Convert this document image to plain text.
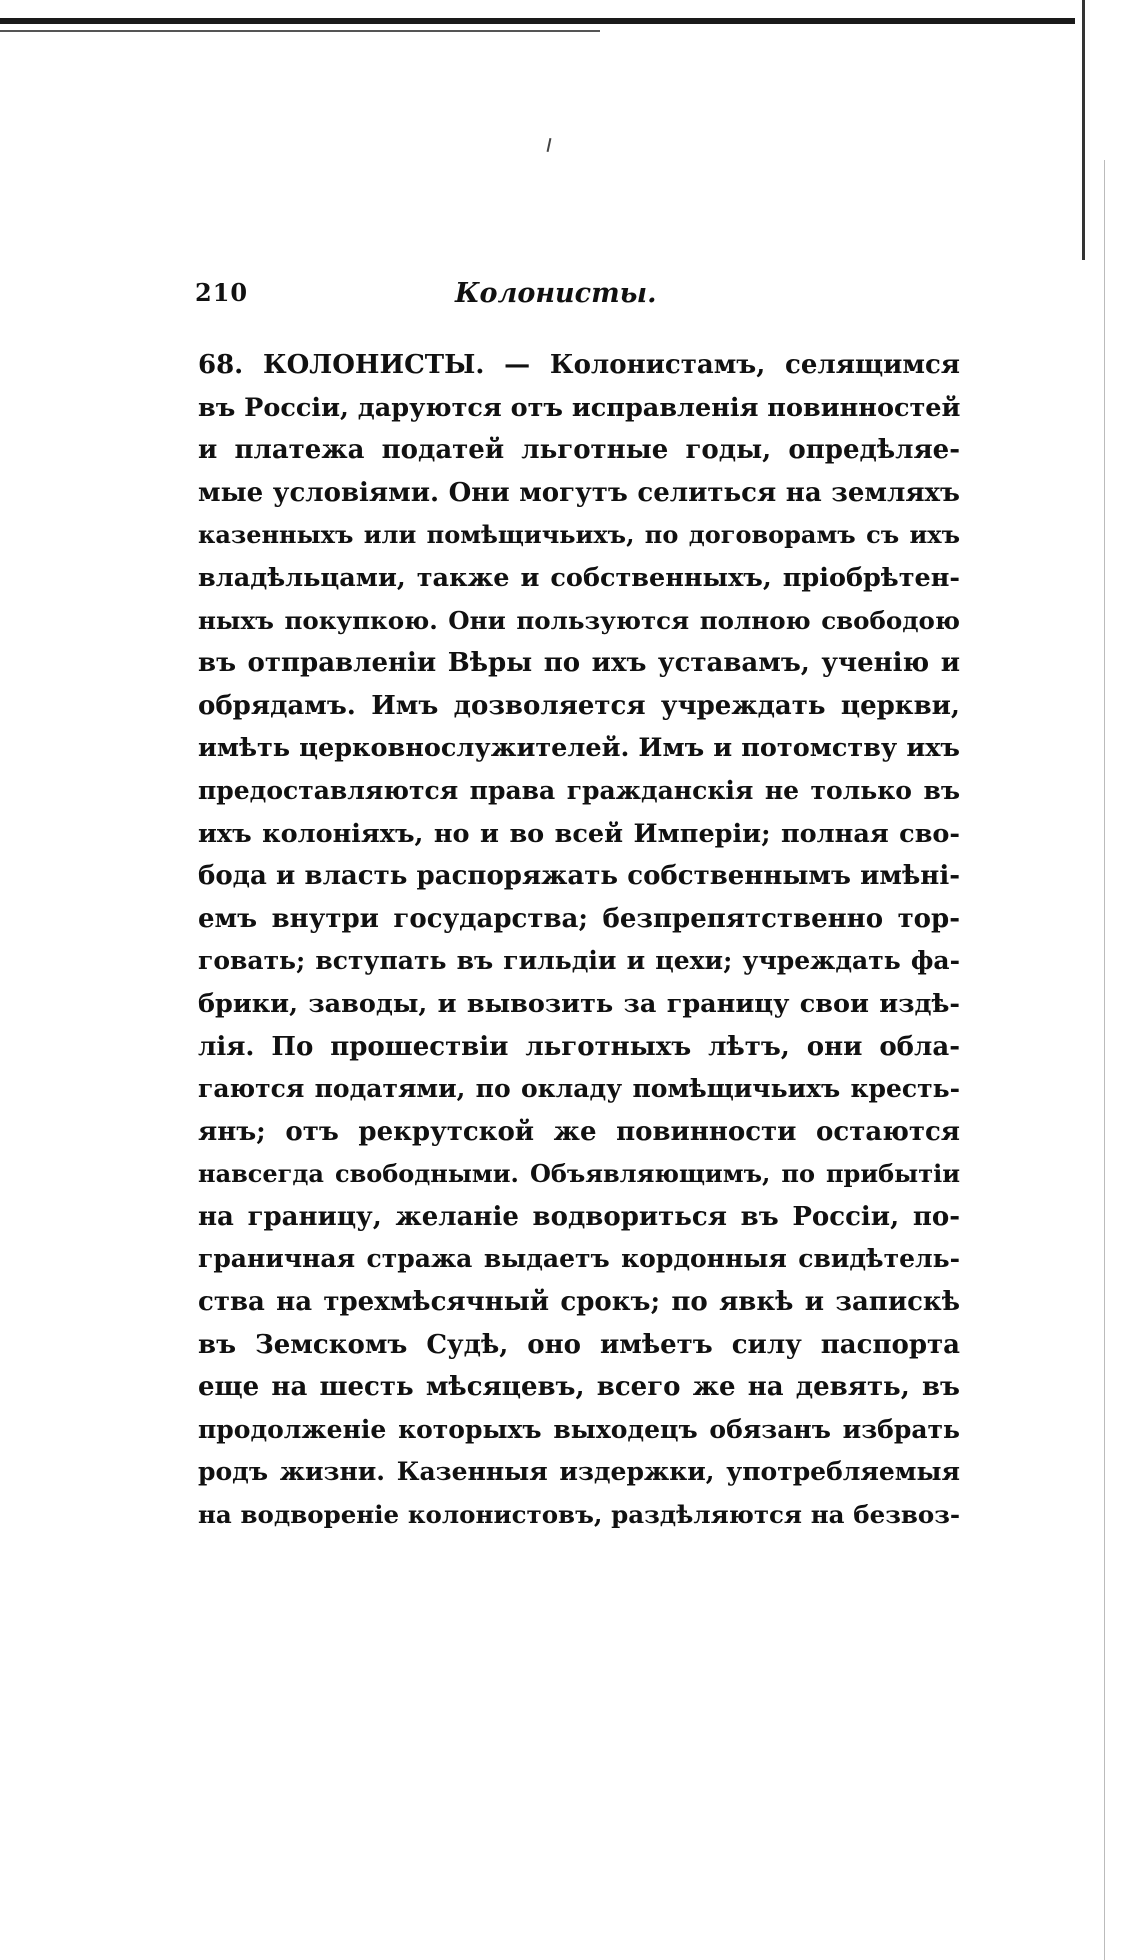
210	Колонисты.
68. КОЛОНИСТЫ. — Колонистамъ, селящимся
въ Россіи, даруются отъ исправленія повинностей
и платежа податей льготные годы, опредѣляе-
мые условіями. Они могутъ селиться на земляхъ
казенныхъ или помѣщичьихъ, по договорамъ съ ихъ
владѣльцами, также и собственныхъ, пріобрѣтен-
ныхъ покупкою. Они пользуются полною свободою
въ отправленіи Вѣры по ихъ уставамъ, ученію и
обрядамъ. Имъ дозволяется учреждать церкви,
имѣть церковнослужителей. Имъ и потомству ихъ
предоставляются права гражданскія не только въ
ихъ колоніяхъ, но и во всей Имперіи; полная сво-
бода и власть распоряжать собственнымъ имѣні-
емъ внутри государства; безпрепятственно тор-
говать; вступать въ гильдіи и цехи; учреждать фа-
брики, заводы, и вывозить за границу свои издѣ-
лія. По прошествіи льготныхъ лѣтъ, они обла-
гаются податями, по окладу помѣщичьихъ кресть-
янъ; отъ рекрутской же повинности остаются
навсегда свободными. Объявляющимъ, по прибытіи
на границу, желаніе водвориться въ Россіи, по-
граничная стража выдаетъ кордонныя свидѣтель-
ства на трехмѣсячный срокъ; по явкѣ и запискѣ
въ Земскомъ Судѣ, оно имѣетъ силу паспорта
еще на шесть мѣсяцевъ, всего же на девять, въ
продолженіе которыхъ выходецъ обязанъ избрать
родъ жизни. Казенныя издержки, употребляемыя
на водвореніе колонистовъ, раздѣляются на безвоз-
